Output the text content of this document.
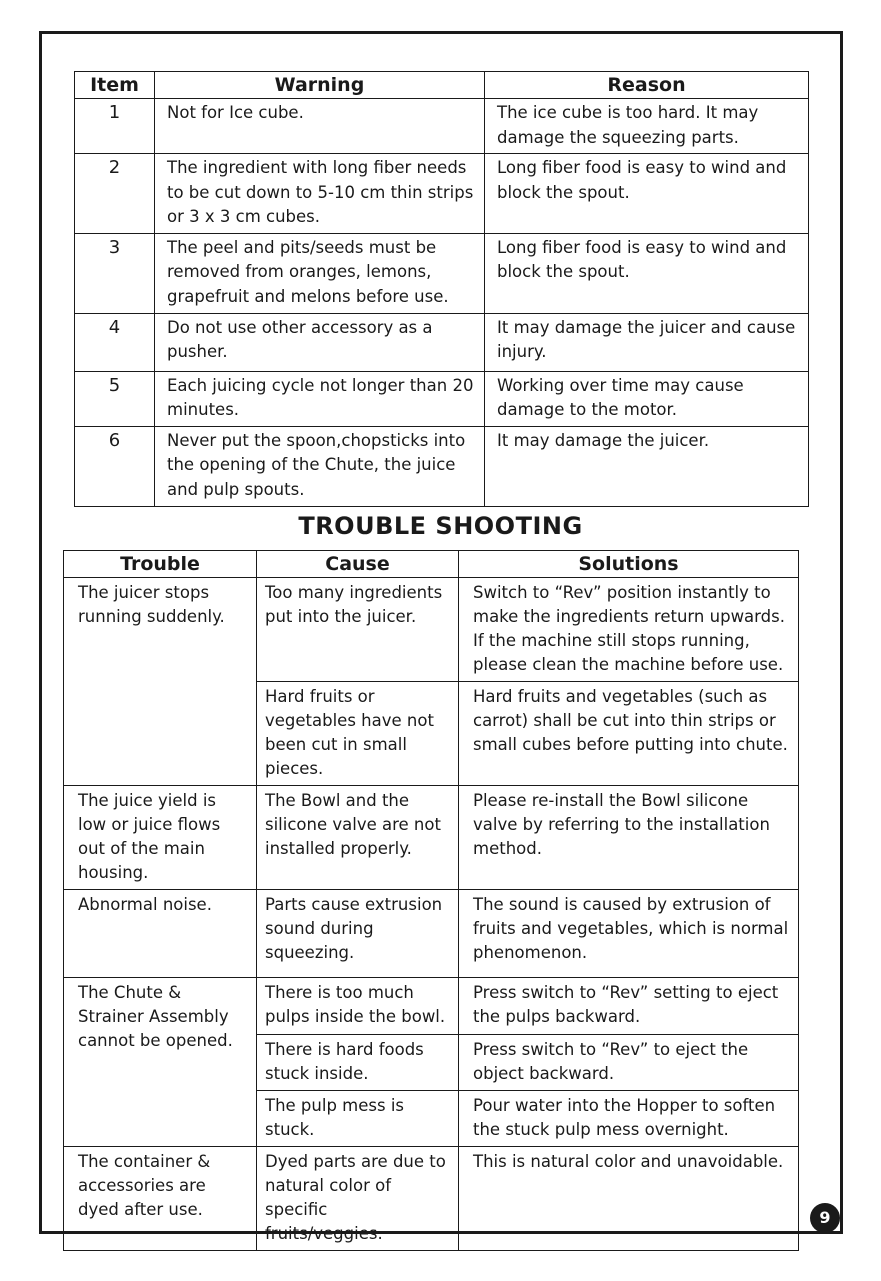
Item	Warning	Reason
1	Not for Ice cube.	The ice cube is too hard. It may damage the squeezing parts.
2	The ingredient with long fiber needs to be cut down to 5-10 cm thin strips or 3 x 3 cm cubes.	Long fiber food is easy to wind and block the spout.
3	The peel and pits/seeds must be removed from oranges, lemons, grapefruit and melons before use.	Long fiber food is easy to wind and block the spout.
4	Do not use other accessory as a pusher.	It may damage the juicer and cause injury.
5	Each juicing cycle not longer than 20 minutes.	Working over time may cause damage to the motor.
6	Never put the spoon,chopsticks into the opening of the Chute, the juice and pulp spouts.	It may damage the juicer.
TROUBLE SHOOTING
Trouble	Cause	Solutions
The juicer stops running suddenly.	Too many ingredients put into the juicer.	Switch to “Rev” position instantly to make the ingredients return upwards. If the machine still stops running, please clean the machine before use.
	Hard fruits or vegetables have not been cut in small pieces.	Hard fruits and vegetables (such as carrot) shall be cut into thin strips or small cubes before putting into chute.
The juice yield is low or juice flows out of the main housing.	The Bowl and the silicone valve are not installed properly.	Please re-install the Bowl silicone valve by referring to the installation method.
Abnormal noise.	Parts cause extrusion sound during squeezing.	The sound is caused by extrusion of fruits and vegetables, which is normal phenomenon.
The Chute & Strainer Assembly cannot be opened.	There is too much pulps inside the bowl.	Press switch to “Rev” setting to eject the pulps backward.
	There is hard foods stuck inside.	Press switch to “Rev” to eject the object backward.
	The pulp mess is stuck.	Pour water into the Hopper to soften the stuck pulp mess overnight.
The container & accessories are dyed after use.	Dyed parts are due to natural color of specific fruits/veggies.	This is natural color and unavoidable.
9
